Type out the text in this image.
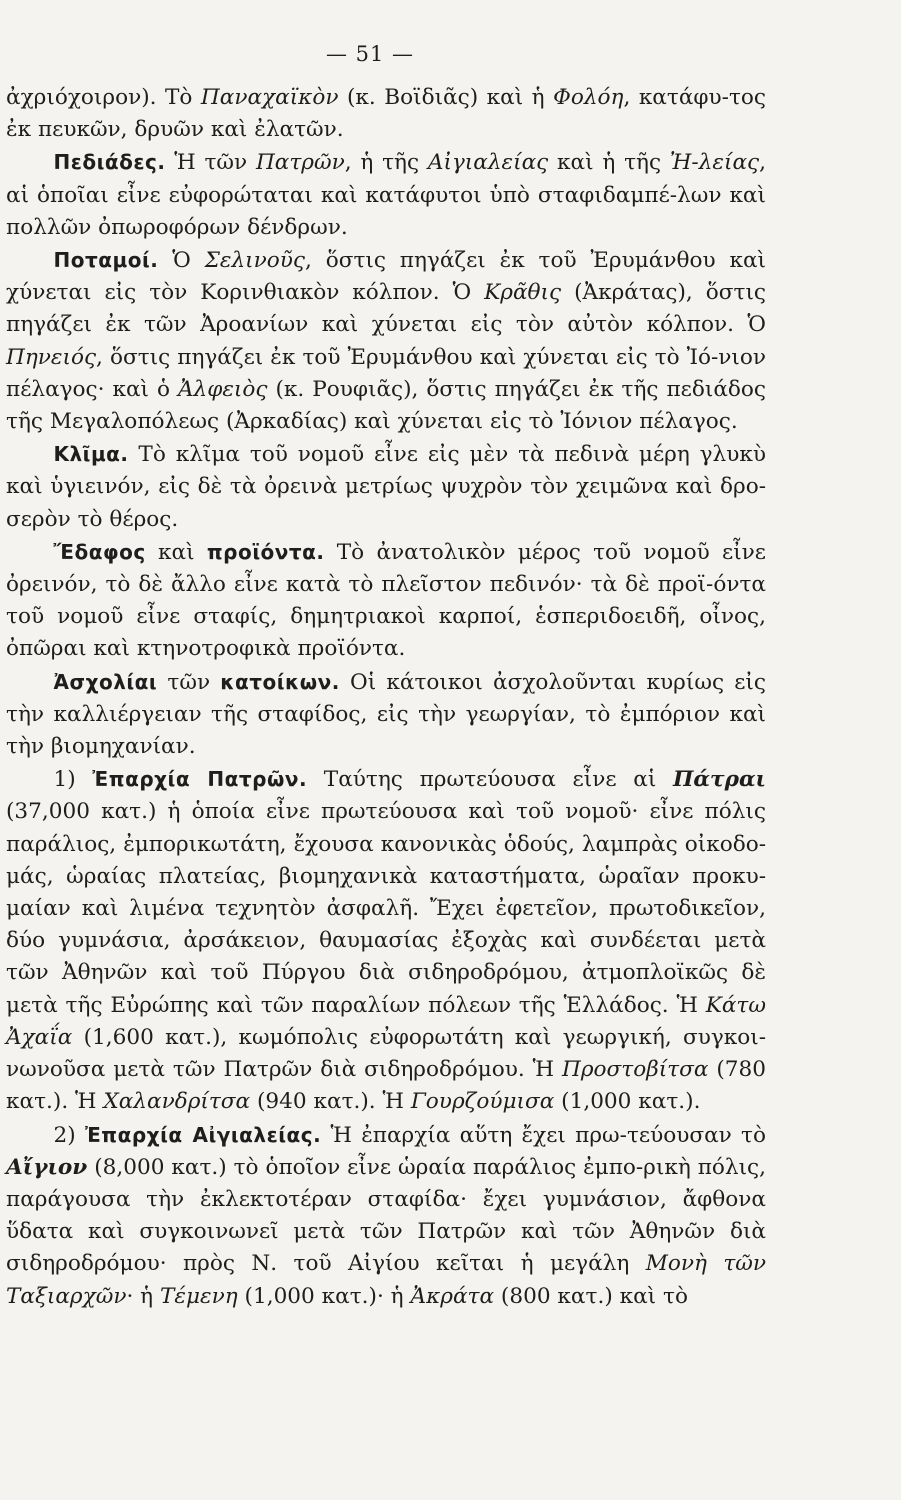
— 51 —

ἀχριόχοιρον). Τὸ Παναχαϊκὸν (κ. Βοϊδιᾶς) καὶ ἡ Φολόη, κατάφυ-τος ἐκ πευκῶν, δρυῶν καὶ ἐλατῶν.

Πεδιάδες. Ἡ τῶν Πατρῶν, ἡ τῆς Αἰγιαλείας καὶ ἡ τῆς Ἠ-λείας, αἱ ὁποῖαι εἶνε εὐφορώταται καὶ κατάφυτοι ὑπὸ σταφιδαμπέ-λων καὶ πολλῶν ὀπωροφόρων δένδρων.

Ποταμοί. Ὁ Σελινοῦς, ὅστις πηγάζει ἐκ τοῦ Ἐρυμάνθου καὶ χύνεται εἰς τὸν Κορινθιακὸν κόλπον. Ὁ Κρᾶθις (Ἀκράτας), ὅστις πηγάζει ἐκ τῶν Ἀροανίων καὶ χύνεται εἰς τὸν αὐτὸν κόλπον. Ὁ Πηνειός, ὅστις πηγάζει ἐκ τοῦ Ἐρυμάνθου καὶ χύνεται εἰς τὸ Ἰό-νιον πέλαγος· καὶ ὁ Ἀλφειὸς (κ. Ρουφιᾶς), ὅστις πηγάζει ἐκ τῆς πεδιάδος τῆς Μεγαλοπόλεως (Ἀρκαδίας) καὶ χύνεται εἰς τὸ Ἰόνιον πέλαγος.

Κλῖμα. Τὸ κλῖμα τοῦ νομοῦ εἶνε εἰς μὲν τὰ πεδινὰ μέρη γλυκὺ καὶ ὑγιεινόν, εἰς δὲ τὰ ὀρεινὰ μετρίως ψυχρὸν τὸν χειμῶνα καὶ δρο-σερὸν τὸ θέρος.

Ἔδαφος καὶ προϊόντα. Τὸ ἀνατολικὸν μέρος τοῦ νομοῦ εἶνε ὀρεινόν, τὸ δὲ ἄλλο εἶνε κατὰ τὸ πλεῖστον πεδινόν· τὰ δὲ προϊ-όντα τοῦ νομοῦ εἶνε σταφίς, δημητριακοὶ καρποί, ἑσπεριδοειδῆ, οἶνος, ὀπῶραι καὶ κτηνοτροφικὰ προϊόντα.

Ἀσχολίαι τῶν κατοίκων. Οἱ κάτοικοι ἀσχολοῦνται κυρίως εἰς τὴν καλλιέργειαν τῆς σταφίδος, εἰς τὴν γεωργίαν, τὸ ἐμπόριον καὶ τὴν βιομηχανίαν.

1) Ἐπαρχία Πατρῶν. Ταύτης πρωτεύουσα εἶνε αἱ Πάτραι (37,000 κατ.) ἡ ὁποία εἶνε πρωτεύουσα καὶ τοῦ νομοῦ· εἶνε πόλις παράλιος, ἐμπορικωτάτη, ἔχουσα κανονικὰς ὁδούς, λαμπρὰς οἰκοδο-μάς, ὡραίας πλατείας, βιομηχανικὰ καταστήματα, ὡραῖαν προκυ-μαίαν καὶ λιμένα τεχνητὸν ἀσφαλῆ. Ἔχει ἐφετεῖον, πρωτοδικεῖον, δύο γυμνάσια, ἀρσάκειον, θαυμασίας ἐξοχὰς καὶ συνδέεται μετὰ τῶν Ἀθηνῶν καὶ τοῦ Πύργου διὰ σιδηροδρόμου, ἀτμοπλοϊκῶς δὲ μετὰ τῆς Εὐρώπης καὶ τῶν παραλίων πόλεων τῆς Ἑλλάδος. Ἡ Κάτω Ἀχαΐα (1,600 κατ.), κωμόπολις εὐφορωτάτη καὶ γεωργική, συγκοι-νωνοῦσα μετὰ τῶν Πατρῶν διὰ σιδηροδρόμου. Ἡ Προστοβίτσα (780 κατ.). Ἡ Χαλανδρίτσα (940 κατ.). Ἡ Γουρζούμισα (1,000 κατ.).

2) Ἐπαρχία Αἰγιαλείας. Ἡ ἐπαρχία αὕτη ἔχει πρω-τεύουσαν τὸ Αἴγιον (8,000 κατ.) τὸ ὁποῖον εἶνε ὡραία παράλιος ἐμπο-ρικὴ πόλις, παράγουσα τὴν ἐκλεκτοτέραν σταφίδα· ἔχει γυμνάσιον, ἄφθονα ὕδατα καὶ συγκοινωνεῖ μετὰ τῶν Πατρῶν καὶ τῶν Ἀθηνῶν διὰ σιδηροδρόμου· πρὸς Ν. τοῦ Αἰγίου κεῖται ἡ μεγάλη Μονὴ τῶν Ταξιαρχῶν· ἡ Τέμενη (1,000 κατ.)· ἡ Ἀκράτα (800 κατ.) καὶ τὸ
